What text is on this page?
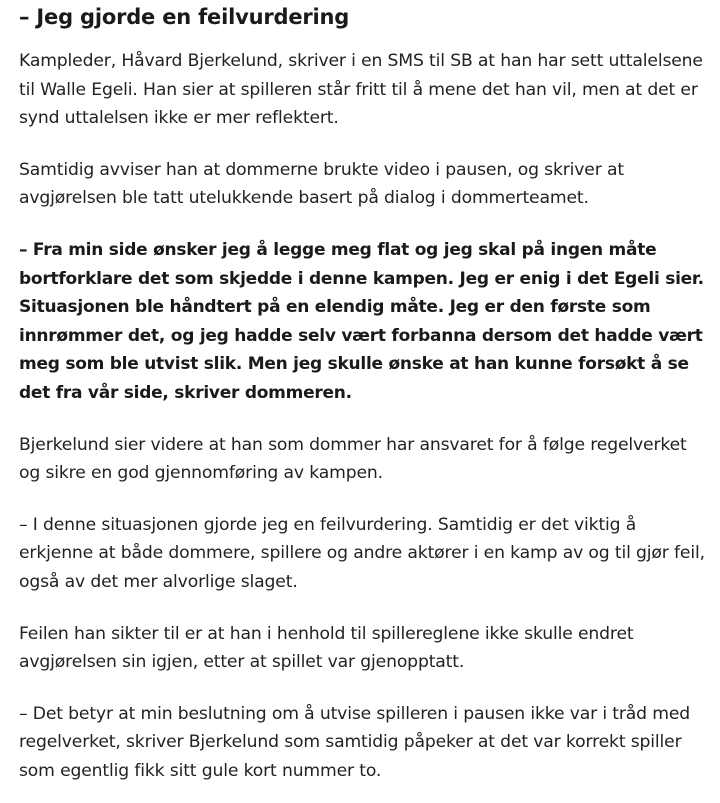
– Jeg gjorde en feilvurdering

Kampleder, Håvard Bjerkelund, skriver i en SMS til SB at han har sett uttalelsene til Walle Egeli. Han sier at spilleren står fritt til å mene det han vil, men at det er synd uttalelsen ikke er mer reflektert.

Samtidig avviser han at dommerne brukte video i pausen, og skriver at avgjørelsen ble tatt utelukkende basert på dialog i dommerteamet.

– Fra min side ønsker jeg å legge meg flat og jeg skal på ingen måte bortforklare det som skjedde i denne kampen. Jeg er enig i det Egeli sier. Situasjonen ble håndtert på en elendig måte. Jeg er den første som innrømmer det, og jeg hadde selv vært forbanna dersom det hadde vært meg som ble utvist slik. Men jeg skulle ønske at han kunne forsøkt å se det fra vår side, skriver dommeren.

Bjerkelund sier videre at han som dommer har ansvaret for å følge regelverket og sikre en god gjennomføring av kampen.

– I denne situasjonen gjorde jeg en feilvurdering. Samtidig er det viktig å erkjenne at både dommere, spillere og andre aktører i en kamp av og til gjør feil, også av det mer alvorlige slaget.

Feilen han sikter til er at han i henhold til spillereglene ikke skulle endret avgjørelsen sin igjen, etter at spillet var gjenopptatt.

– Det betyr at min beslutning om å utvise spilleren i pausen ikke var i tråd med regelverket, skriver Bjerkelund som samtidig påpeker at det var korrekt spiller som egentlig fikk sitt gule kort nummer to.
